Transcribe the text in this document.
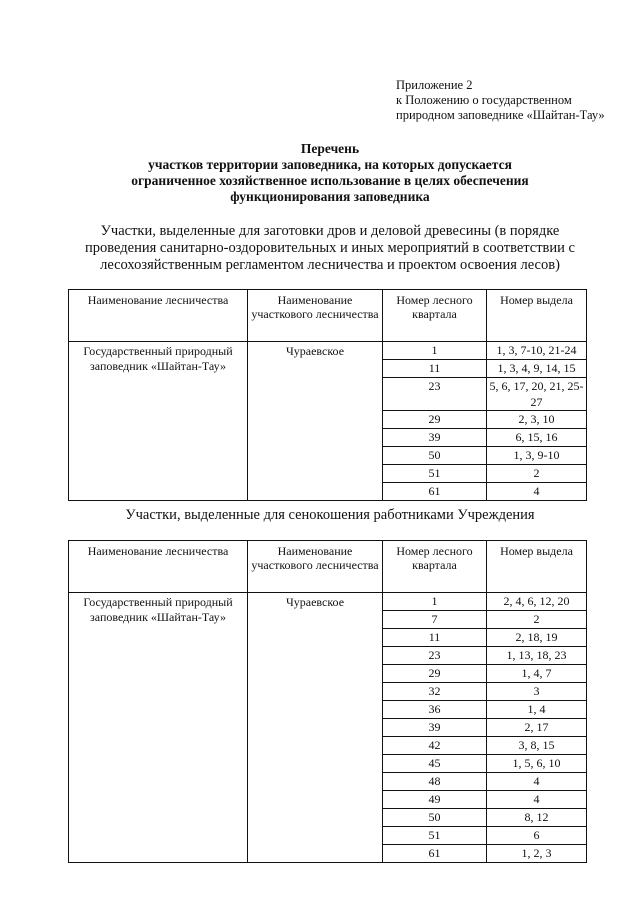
Приложение 2
к Положению о государственном
природном заповеднике «Шайтан-Тау»
Перечень
участков территории заповедника, на которых допускается
ограниченное хозяйственное использование в целях обеспечения
функционирования заповедника
Участки, выделенные для заготовки дров и деловой древесины (в порядке
проведения санитарно-оздоровительных и иных мероприятий в соответствии с
лесохозяйственным регламентом лесничества и проектом освоения лесов)
Наименование лесничества	Наименование участкового лесничества	Номер лесного квартала	Номер выдела
Государственный природный заповедник «Шайтан-Тау»	Чураевское	1	1, 3, 7-10, 21-24
		11	1, 3, 4, 9, 14, 15
		23	5, 6, 17, 20, 21, 25-27
		29	2, 3, 10
		39	6, 15, 16
		50	1, 3, 9-10
		51	2
		61	4
Участки, выделенные для сенокошения работниками Учреждения
Наименование лесничества	Наименование участкового лесничества	Номер лесного квартала	Номер выдела
Государственный природный заповедник «Шайтан-Тау»	Чураевское	1	2, 4, 6, 12, 20
		7	2
		11	2, 18, 19
		23	1, 13, 18, 23
		29	1, 4, 7
		32	3
		36	1, 4
		39	2, 17
		42	3, 8, 15
		45	1, 5, 6, 10
		48	4
		49	4
		50	8, 12
		51	6
		61	1, 2, 3
